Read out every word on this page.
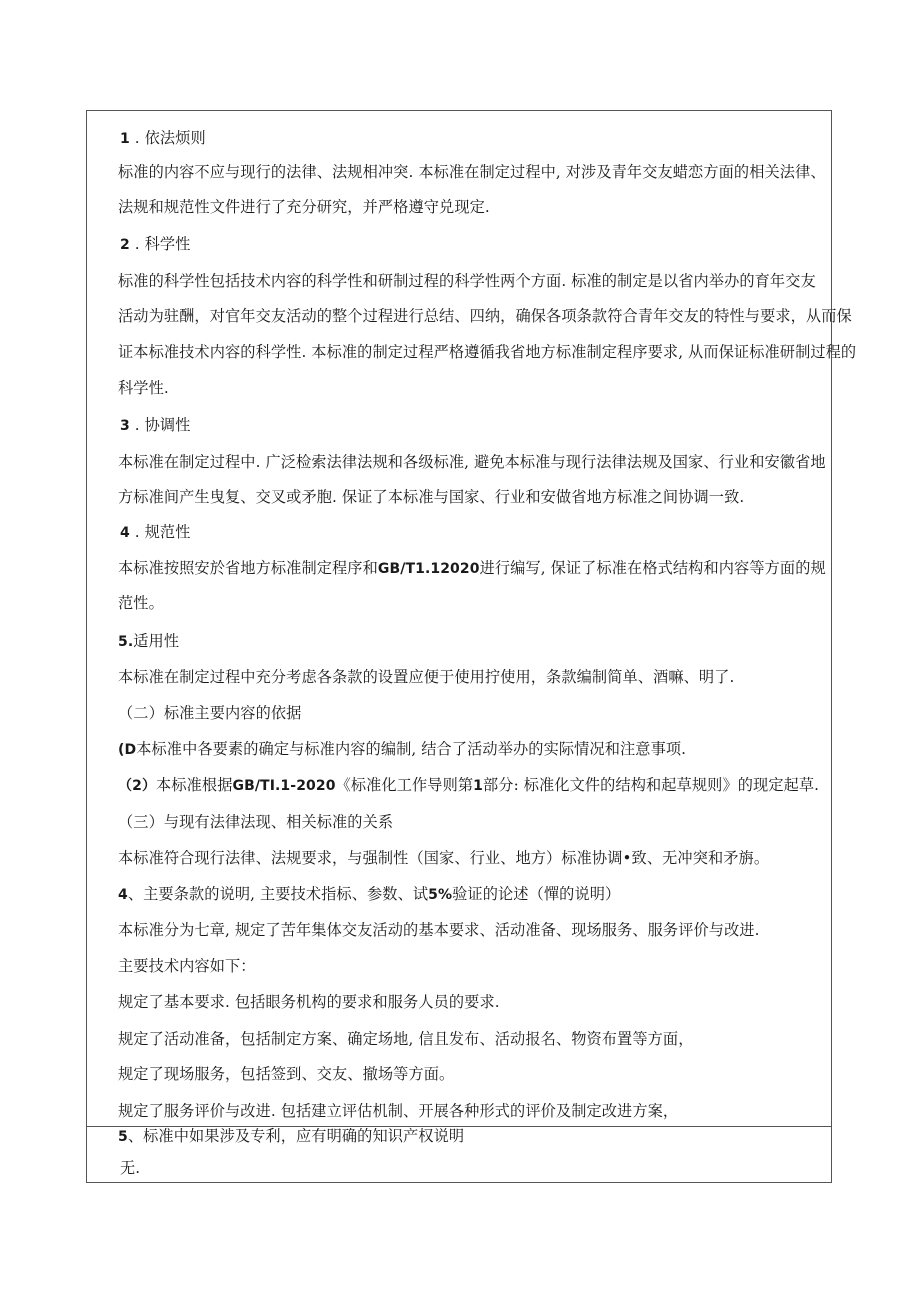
1 . 依法烦则
标准的内容不应与现行的法律、法规相冲突. 本标准在制定过程中, 对涉及青年交友蜡恋方面的相关法律、
法规和规范性文件进行了充分研究，并严格遵守兑现定.
2 . 科学性
标准的科学性包括技术内容的科学性和研制过程的科学性两个方面. 标准的制定是以省内举办的育年交友
活动为驻酬，对官年交友活动的整个过程进行总结、四纳，确保各项条款符合青年交友的特性与要求，从而保
证本标准技术内容的科学性. 本标准的制定过程严格遵循我省地方标准制定程序要求, 从而保证标准研制过程的
科学性.
3 . 协调性
本标准在制定过程中. 广泛检索法律法规和各级标准, 避免本标准与现行法律法规及国家、行业和安徽省地
方标准间产生曳复、交叉或矛胞. 保证了本标准与国家、行业和安做省地方标准之间协调一致.
4 . 规范性
本标准按照安於省地方标准制定程序和GB/T1.12020进行编写, 保证了标准在格式结构和内容等方面的规
范性。
5.适用性
本标准在制定过程中充分考虑各条款的设置应便于使用拧使用，条款编制简单、酒嘛、明了.
（二）标准主要内容的依据
(D本标准中各要素的确定与标准内容的编制, 结合了活动举办的实际情况和注意事项.
（2）本标准根据GB/TI.1-2020《标准化工作导则第1部分: 标准化文件的结构和起草规则》的现定起草.
（三）与现有法律法现、相关标准的关系
本标准符合现行法律、法规要求，与强制性（国家、行业、地方）标准协调•致、无冲突和矛旃。
4、主要条款的说明, 主要技术指标、参数、试5%验证的论述（憚的说明）
本标准分为七章, 规定了苦年集体交友活动的基本要求、活动准备、现场服务、服务评价与改进.
主要技术内容如下：
规定了基本要求. 包括眼务机构的要求和服务人员的要求.
规定了活动准备，包括制定方案、确定场地, 信且发布、活动报名、物资布置等方面，
规定了现场服务，包括签到、交友、撤场等方面。
规定了服务评价与改进. 包括建立评估机制、开展各种形式的评价及制定改进方案，
5、标准中如果涉及专利，应有明确的知识产权说明
无.
